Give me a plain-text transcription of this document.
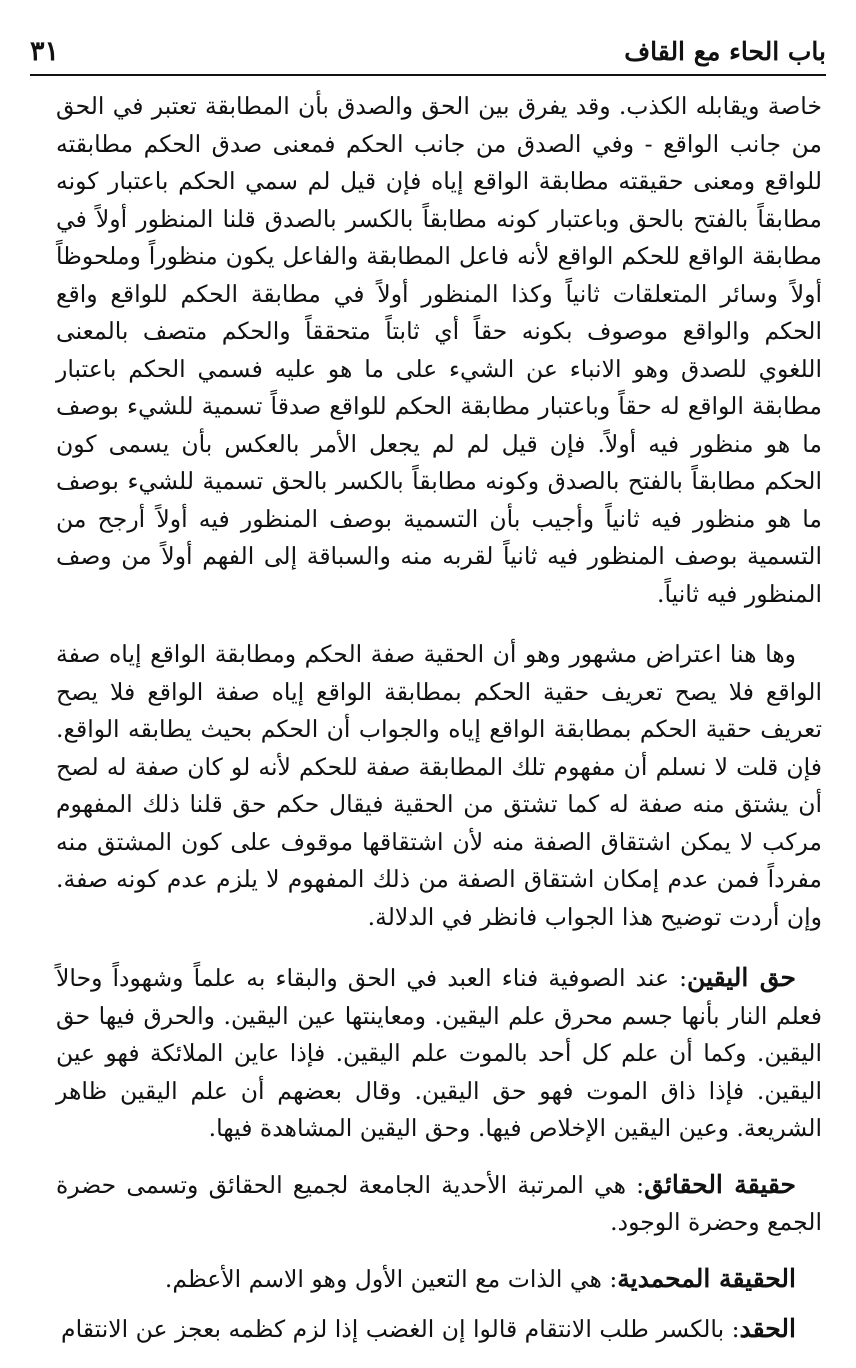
باب الحاء مع القاف
٣١

خاصة ويقابله الكذب. وقد يفرق بين الحق والصدق بأن المطابقة تعتبر في الحق من جانب الواقع - وفي الصدق من جانب الحكم فمعنى صدق الحكم مطابقته للواقع ومعنى حقيقته مطابقة الواقع إياه فإن قيل لم سمي الحكم باعتبار كونه مطابقاً بالفتح بالحق وباعتبار كونه مطابقاً بالكسر بالصدق قلنا المنظور أولاً في مطابقة الواقع للحكم الواقع لأنه فاعل المطابقة والفاعل يكون منظوراً وملحوظاً أولاً وسائر المتعلقات ثانياً وكذا المنظور أولاً في مطابقة الحكم للواقع واقع الحكم والواقع موصوف بكونه حقاً أي ثابتاً متحققاً والحكم متصف بالمعنى اللغوي للصدق وهو الانباء عن الشيء على ما هو عليه فسمي الحكم باعتبار مطابقة الواقع له حقاً وباعتبار مطابقة الحكم للواقع صدقاً تسمية للشيء بوصف ما هو منظور فيه أولاً. فإن قيل لم لم يجعل الأمر بالعكس بأن يسمى كون الحكم مطابقاً بالفتح بالصدق وكونه مطابقاً بالكسر بالحق تسمية للشيء بوصف ما هو منظور فيه ثانياً وأجيب بأن التسمية بوصف المنظور فيه أولاً أرجح من التسمية بوصف المنظور فيه ثانياً لقربه منه والسباقة إلى الفهم أولاً من وصف المنظور فيه ثانياً.

وها هنا اعتراض مشهور وهو أن الحقية صفة الحكم ومطابقة الواقع إياه صفة الواقع فلا يصح تعريف حقية الحكم بمطابقة الواقع إياه صفة الواقع فلا يصح تعريف حقية الحكم بمطابقة الواقع إياه والجواب أن الحكم بحيث يطابقه الواقع. فإن قلت لا نسلم أن مفهوم تلك المطابقة صفة للحكم لأنه لو كان صفة له لصح أن يشتق منه صفة له كما تشتق من الحقية فيقال حكم حق قلنا ذلك المفهوم مركب لا يمكن اشتقاق الصفة منه لأن اشتقاقها موقوف على كون المشتق منه مفرداً فمن عدم إمكان اشتقاق الصفة من ذلك المفهوم لا يلزم عدم كونه صفة. وإن أردت توضيح هذا الجواب فانظر في الدلالة.

حق اليقين: عند الصوفية فناء العبد في الحق والبقاء به علماً وشهوداً وحالاً فعلم النار بأنها جسم محرق علم اليقين. ومعاينتها عين اليقين. والحرق فيها حق اليقين. وكما أن علم كل أحد بالموت علم اليقين. فإذا عاين الملائكة فهو عين اليقين. فإذا ذاق الموت فهو حق اليقين. وقال بعضهم أن علم اليقين ظاهر الشريعة. وعين اليقين الإخلاص فيها. وحق اليقين المشاهدة فيها.

حقيقة الحقائق: هي المرتبة الأحدية الجامعة لجميع الحقائق وتسمى حضرة الجمع وحضرة الوجود.

الحقيقة المحمدية: هي الذات مع التعين الأول وهو الاسم الأعظم.

الحقد: بالكسر طلب الانتقام قالوا إن الغضب إذا لزم كظمه بعجز عن الانتقام
